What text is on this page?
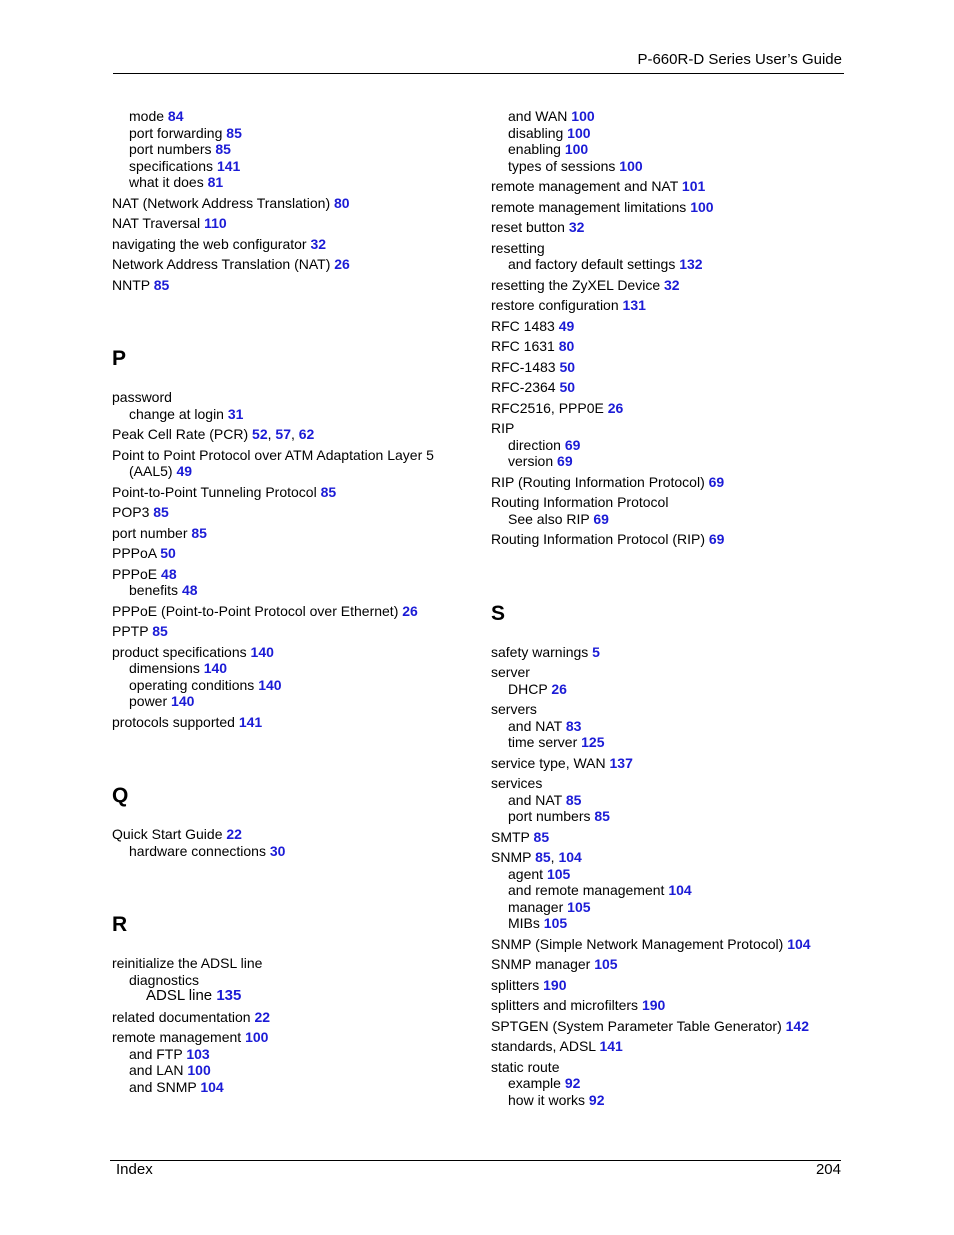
P-660R-D Series User’s Guide
mode 84
port forwarding 85
port numbers 85
specifications 141
what it does 81
NAT (Network Address Translation) 80
NAT Traversal 110
navigating the web configurator 32
Network Address Translation (NAT) 26
NNTP 85
P
password
change at login 31
Peak Cell Rate (PCR) 52, 57, 62
Point to Point Protocol over ATM Adaptation Layer 5
(AAL5) 49
Point-to-Point Tunneling Protocol 85
POP3 85
port number 85
PPPoA 50
PPPoE 48
benefits 48
PPPoE (Point-to-Point Protocol over Ethernet) 26
PPTP 85
product specifications 140
dimensions 140
operating conditions 140
power 140
protocols supported 141
Q
Quick Start Guide 22
hardware connections 30
R
reinitialize the ADSL line
diagnostics
ADSL line 135
related documentation 22
remote management 100
and FTP 103
and LAN 100
and SNMP 104
and WAN 100
disabling 100
enabling 100
types of sessions 100
remote management and NAT 101
remote management limitations 100
reset button 32
resetting
and factory default settings 132
resetting the ZyXEL Device 32
restore configuration 131
RFC 1483 49
RFC 1631 80
RFC-1483 50
RFC-2364 50
RFC2516, PPP0E 26
RIP
direction 69
version 69
RIP (Routing Information Protocol) 69
Routing Information Protocol
See also RIP 69
Routing Information Protocol (RIP) 69
S
safety warnings 5
server
DHCP 26
servers
and NAT 83
time server 125
service type, WAN 137
services
and NAT 85
port numbers 85
SMTP 85
SNMP 85, 104
agent 105
and remote management 104
manager 105
MIBs 105
SNMP (Simple Network Management Protocol) 104
SNMP manager 105
splitters 190
splitters and microfilters 190
SPTGEN (System Parameter Table Generator) 142
standards, ADSL 141
static route
example 92
how it works 92
Index	204
